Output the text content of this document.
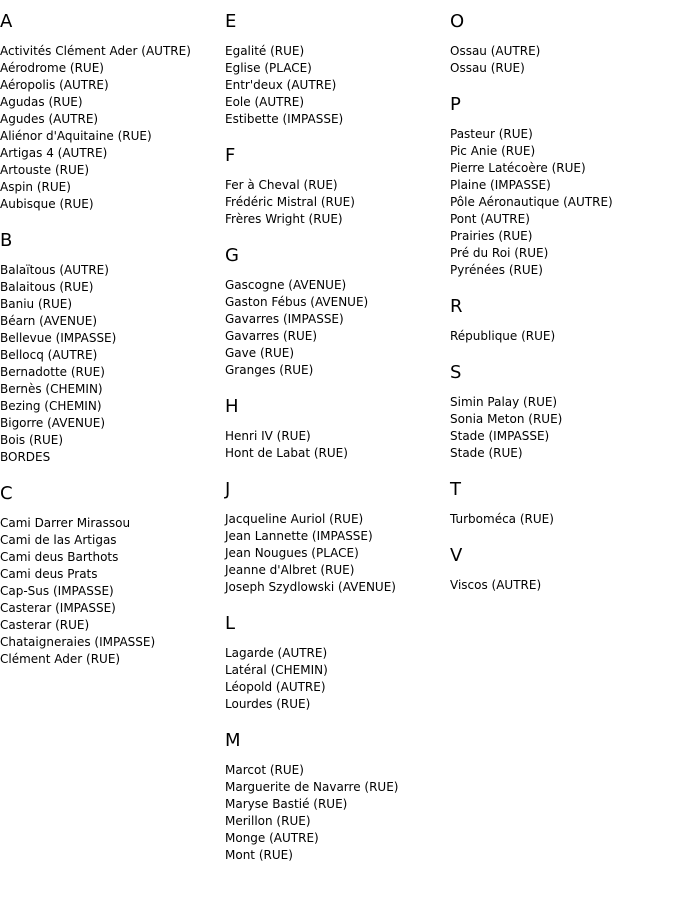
A
Activités Clément Ader (AUTRE)
Aérodrome (RUE)
Aéropolis (AUTRE)
Agudas (RUE)
Agudes (AUTRE)
Aliénor d'Aquitaine (RUE)
Artigas 4 (AUTRE)
Artouste (RUE)
Aspin (RUE)
Aubisque (RUE)
B
Balaïtous (AUTRE)
Balaitous (RUE)
Baniu (RUE)
Béarn (AVENUE)
Bellevue (IMPASSE)
Bellocq (AUTRE)
Bernadotte (RUE)
Bernès (CHEMIN)
Bezing (CHEMIN)
Bigorre (AVENUE)
Bois (RUE)
BORDES
C
Cami Darrer Mirassou
Cami de las Artigas
Cami deus Barthots
Cami deus Prats
Cap-Sus (IMPASSE)
Casterar (IMPASSE)
Casterar (RUE)
Chataigneraies (IMPASSE)
Clément Ader (RUE)
E
Egalité (RUE)
Eglise (PLACE)
Entr'deux (AUTRE)
Eole (AUTRE)
Estibette (IMPASSE)
F
Fer à Cheval (RUE)
Frédéric Mistral (RUE)
Frères Wright (RUE)
G
Gascogne (AVENUE)
Gaston Fébus (AVENUE)
Gavarres (IMPASSE)
Gavarres (RUE)
Gave (RUE)
Granges (RUE)
H
Henri IV (RUE)
Hont de Labat (RUE)
J
Jacqueline Auriol (RUE)
Jean Lannette (IMPASSE)
Jean Nougues (PLACE)
Jeanne d'Albret (RUE)
Joseph Szydlowski (AVENUE)
L
Lagarde (AUTRE)
Latéral (CHEMIN)
Léopold (AUTRE)
Lourdes (RUE)
M
Marcot (RUE)
Marguerite de Navarre (RUE)
Maryse Bastié (RUE)
Merillon (RUE)
Monge (AUTRE)
Mont (RUE)
O
Ossau (AUTRE)
Ossau (RUE)
P
Pasteur (RUE)
Pic Anie (RUE)
Pierre Latécoère (RUE)
Plaine (IMPASSE)
Pôle Aéronautique (AUTRE)
Pont (AUTRE)
Prairies (RUE)
Pré du Roi (RUE)
Pyrénées (RUE)
R
République (RUE)
S
Simin Palay (RUE)
Sonia Meton (RUE)
Stade (IMPASSE)
Stade (RUE)
T
Turboméca (RUE)
V
Viscos (AUTRE)
